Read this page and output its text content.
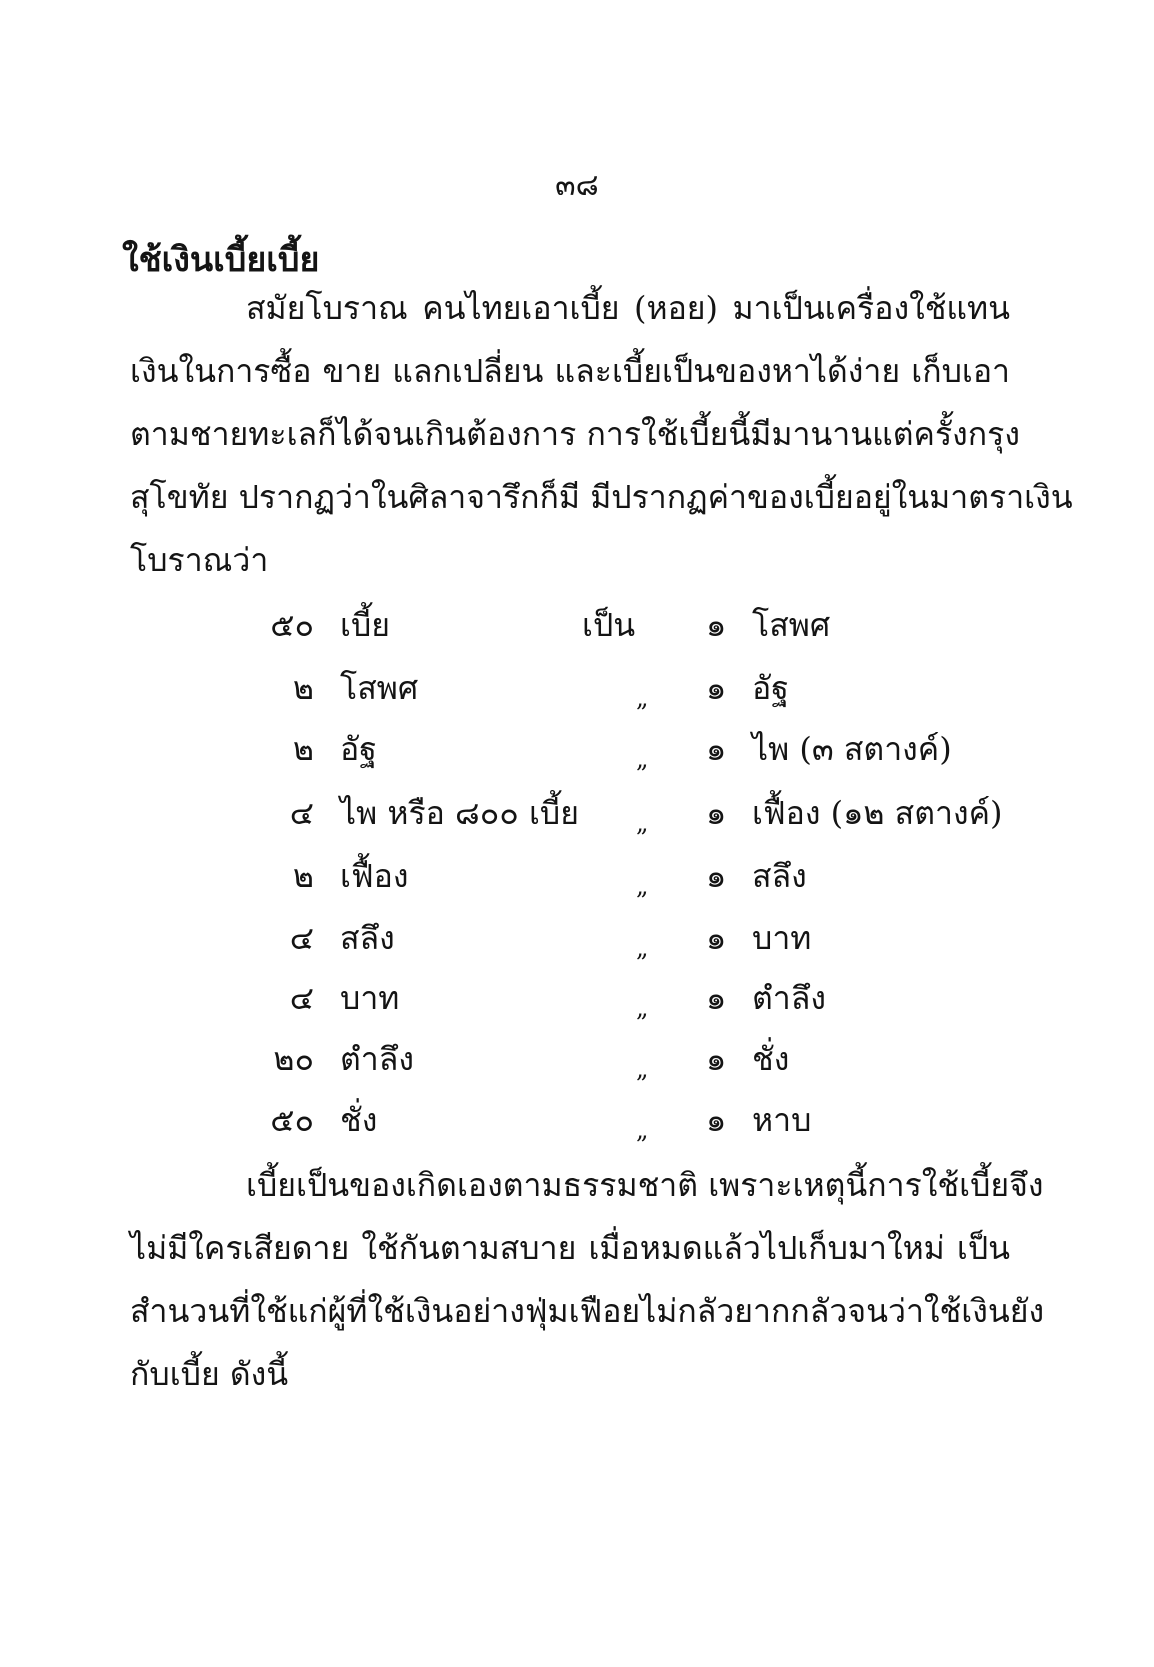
๓๘
ใช้เงินเบี้ยเบี้ย
สมัยโบราณ คนไทยเอาเบี้ย (หอย) มาเป็นเครื่องใช้แทน
เงินในการซื้อ ขาย แลกเปลี่ยน และเบี้ยเป็นของหาได้ง่าย เก็บเอา
ตามชายทะเลก็ได้จนเกินต้องการ การใช้เบี้ยนี้มีมานานแต่ครั้งกรุง
สุโขทัย ปรากฏว่าในศิลาจารึกก็มี มีปรากฏค่าของเบี้ยอยู่ในมาตราเงิน
โบราณว่า
๕๐ เบี้ย	เป็น ๑ โสพศ
๒ โสพศ	„ ๑ อัฐ
๒ อัฐ	„ ๑ ไพ (๓ สตางค์)
๔ ไพ หรือ ๘๐๐ เบี้ย „ ๑ เฟื้อง (๑๒ สตางค์)
๒ เฟื้อง	„ ๑ สลึง
๔ สลึง	„ ๑ บาท
๔ บาท	„ ๑ ตำลึง
๒๐ ตำลึง	„ ๑ ชั่ง
๕๐ ชั่ง	„ ๑ หาบ
เบี้ยเป็นของเกิดเองตามธรรมชาติ เพราะเหตุนี้การใช้เบี้ยจึง
ไม่มีใครเสียดาย ใช้กันตามสบาย เมื่อหมดแล้วไปเก็บมาใหม่ เป็น
สำนวนที่ใช้แก่ผู้ที่ใช้เงินอย่างฟุ่มเฟือยไม่กลัวยากกลัวจนว่าใช้เงินยัง
กับเบี้ย ดังนี้
